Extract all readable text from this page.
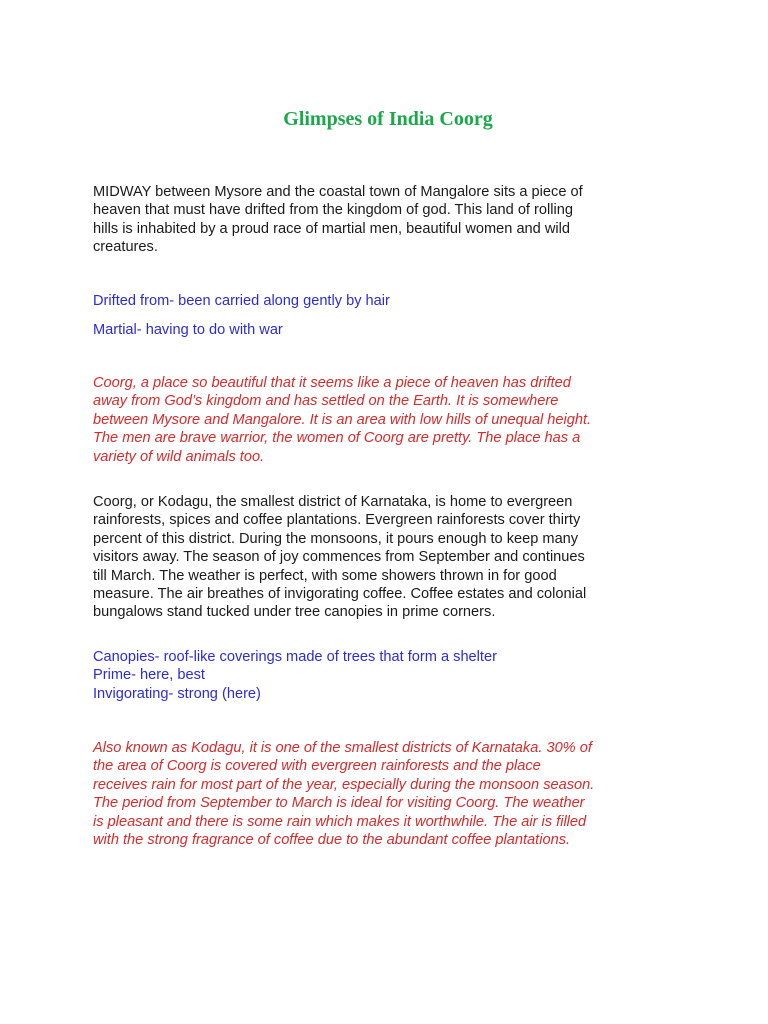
Glimpses of India Coorg

MIDWAY between Mysore and the coastal town of Mangalore sits a piece of
heaven that must have drifted from the kingdom of god. This land of rolling
hills is inhabited by a proud race of martial men, beautiful women and wild
creatures.

Drifted from- been carried along gently by hair

Martial- having to do with war

Coorg, a place so beautiful that it seems like a piece of heaven has drifted
away from God’s kingdom and has settled on the Earth. It is somewhere
between Mysore and Mangalore. It is an area with low hills of unequal height.
The men are brave warrior, the women of Coorg are pretty. The place has a
variety of wild animals too.

Coorg, or Kodagu, the smallest district of Karnataka, is home to evergreen
rainforests, spices and coffee plantations. Evergreen rainforests cover thirty
percent of this district. During the monsoons, it pours enough to keep many
visitors away. The season of joy commences from September and continues
till March. The weather is perfect, with some showers thrown in for good
measure. The air breathes of invigorating coffee. Coffee estates and colonial
bungalows stand tucked under tree canopies in prime corners.

Canopies- roof-like coverings made of trees that form a shelter
Prime- here, best
Invigorating- strong (here)

Also known as Kodagu, it is one of the smallest districts of Karnataka. 30% of
the area of Coorg is covered with evergreen rainforests and the place
receives rain for most part of the year, especially during the monsoon season.
The period from September to March is ideal for visiting Coorg. The weather
is pleasant and there is some rain which makes it worthwhile. The air is filled
with the strong fragrance of coffee due to the abundant coffee plantations.
